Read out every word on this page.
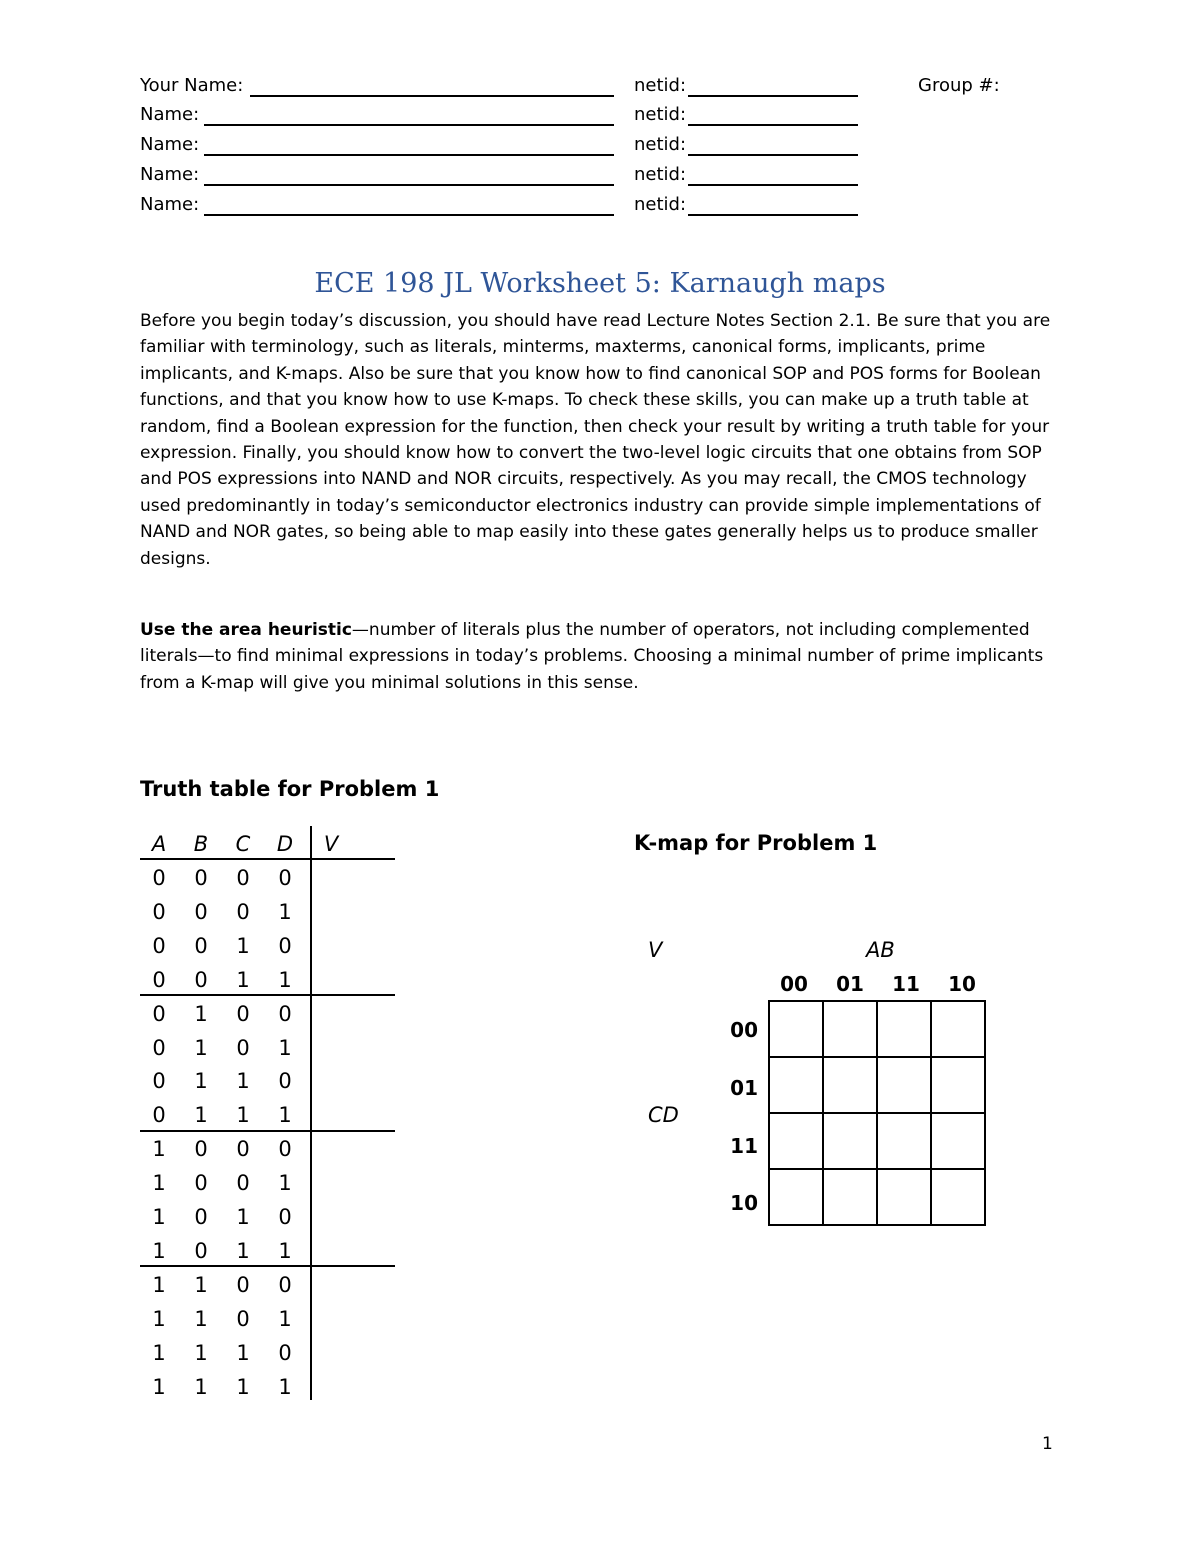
Your Name:	netid:	Group #:
Name:	netid:
Name:	netid:
Name:	netid:
Name:	netid:
ECE 198 JL Worksheet 5: Karnaugh maps
Before you begin today’s discussion, you should have read Lecture Notes Section 2.1. Be sure that you are familiar with terminology, such as literals, minterms, maxterms, canonical forms, implicants, prime implicants, and K-maps. Also be sure that you know how to find canonical SOP and POS forms for Boolean functions, and that you know how to use K-maps. To check these skills, you can make up a truth table at random, find a Boolean expression for the function, then check your result by writing a truth table for your expression. Finally, you should know how to convert the two-level logic circuits that one obtains from SOP and POS expressions into NAND and NOR circuits, respectively. As you may recall, the CMOS technology used predominantly in today’s semiconductor electronics industry can provide simple implementations of NAND and NOR gates, so being able to map easily into these gates generally helps us to produce smaller designs.
Use the area heuristic—number of literals plus the number of operators, not including complemented literals—to find minimal expressions in today’s problems. Choosing a minimal number of prime implicants from a K-map will give you minimal solutions in this sense.
Truth table for Problem 1
A	B	C	D	V
0	0	0	0
0	0	0	1
0	0	1	0
0	0	1	1
0	1	0	0
0	1	0	1
0	1	1	0
0	1	1	1
1	0	0	0
1	0	0	1
1	0	1	0
1	0	1	1
1	1	0	0
1	1	0	1
1	1	1	0
1	1	1	1
K-map for Problem 1
V	AB
CD
00	01	11	10
00
01
11
10

1
